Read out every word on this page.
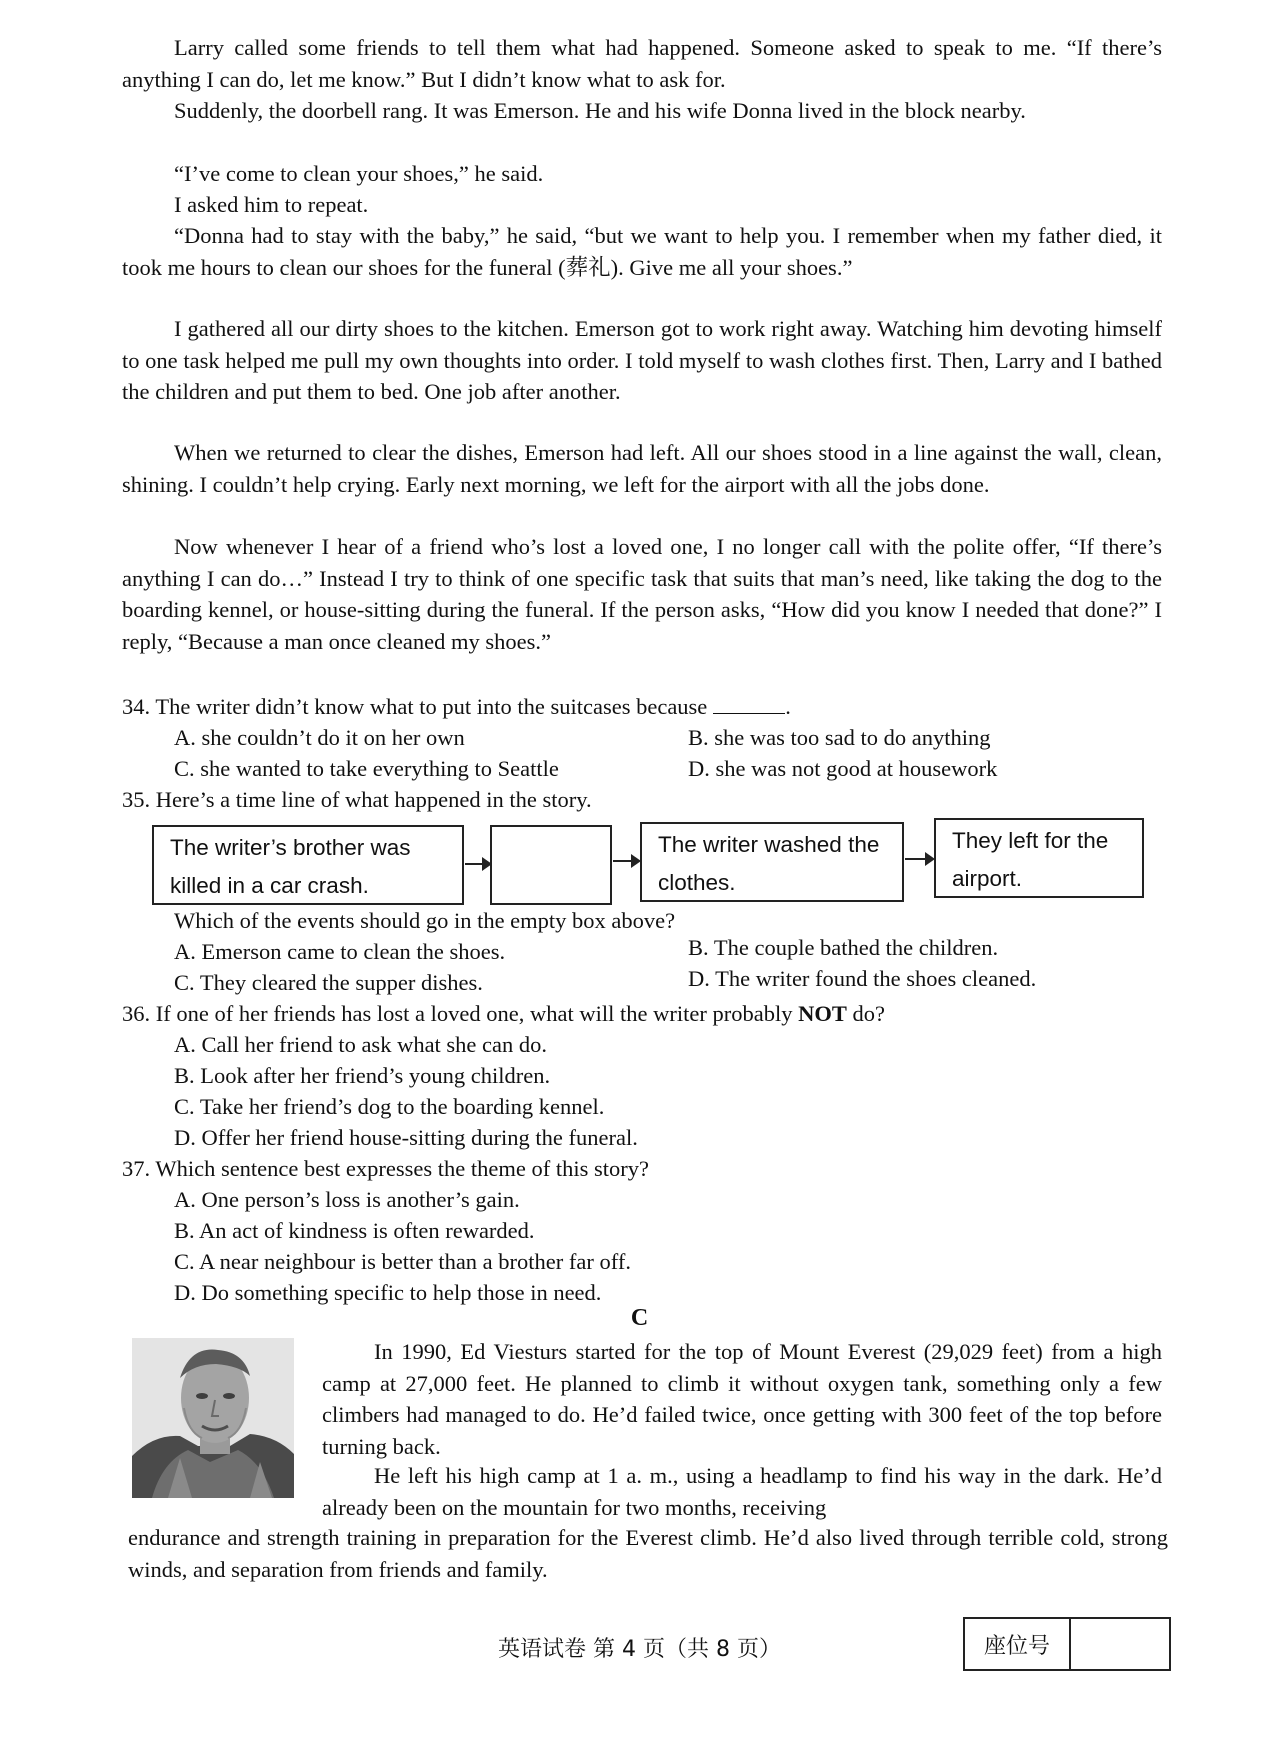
Larry called some friends to tell them what had happened. Someone asked to speak to me. “If there’s anything I can do, let me know.” But I didn’t know what to ask for.

Suddenly, the doorbell rang. It was Emerson. He and his wife Donna lived in the block nearby.

“I’ve come to clean your shoes,” he said.

I asked him to repeat.

“Donna had to stay with the baby,” he said, “but we want to help you. I remember when my father died, it took me hours to clean our shoes for the funeral (葬礼). Give me all your shoes.”

I gathered all our dirty shoes to the kitchen. Emerson got to work right away. Watching him devoting himself to one task helped me pull my own thoughts into order. I told myself to wash clothes first. Then, Larry and I bathed the children and put them to bed. One job after another.

When we returned to clear the dishes, Emerson had left. All our shoes stood in a line against the wall, clean, shining. I couldn’t help crying. Early next morning, we left for the airport with all the jobs done.

Now whenever I hear of a friend who’s lost a loved one, I no longer call with the polite offer, “If there’s anything I can do…” Instead I try to think of one specific task that suits that man’s need, like taking the dog to the boarding kennel, or house-sitting during the funeral. If the person asks, “How did you know I needed that done?” I reply, “Because a man once cleaned my shoes.”

34. The writer didn’t know what to put into the suitcases because	.

A. she couldn’t do it on her own	B. she was too sad to do anything

C. she wanted to take everything to Seattle	D. she was not good at housework

35. Here’s a time line of what happened in the story.

The writer’s brother was killed in a car crash.
The writer washed the clothes.
They left for the airport.

Which of the events should go in the empty box above?

A. Emerson came to clean the shoes.	B. The couple bathed the children.

C. They cleared the supper dishes.	D. The writer found the shoes cleaned.

36. If one of her friends has lost a loved one, what will the writer probably NOT do?

A. Call her friend to ask what she can do.

B. Look after her friend’s young children.

C. Take her friend’s dog to the boarding kennel.

D. Offer her friend house-sitting during the funeral.

37. Which sentence best expresses the theme of this story?

A. One person’s loss is another’s gain.

B. An act of kindness is often rewarded.

C. A near neighbour is better than a brother far off.

D. Do something specific to help those in need.

C

In 1990, Ed Viesturs started for the top of Mount Everest (29,029 feet) from a high camp at 27,000 feet. He planned to climb it without oxygen tank, something only a few climbers had managed to do. He’d failed twice, once getting with 300 feet of the top before turning back.

He left his high camp at 1 a. m., using a headlamp to find his way in the dark. He’d already been on the mountain for two months, receiving

endurance and strength training in preparation for the Everest climb. He’d also lived through terrible cold, strong winds, and separation from friends and family.

英语试卷 第 4 页（共 8 页）	座位号
